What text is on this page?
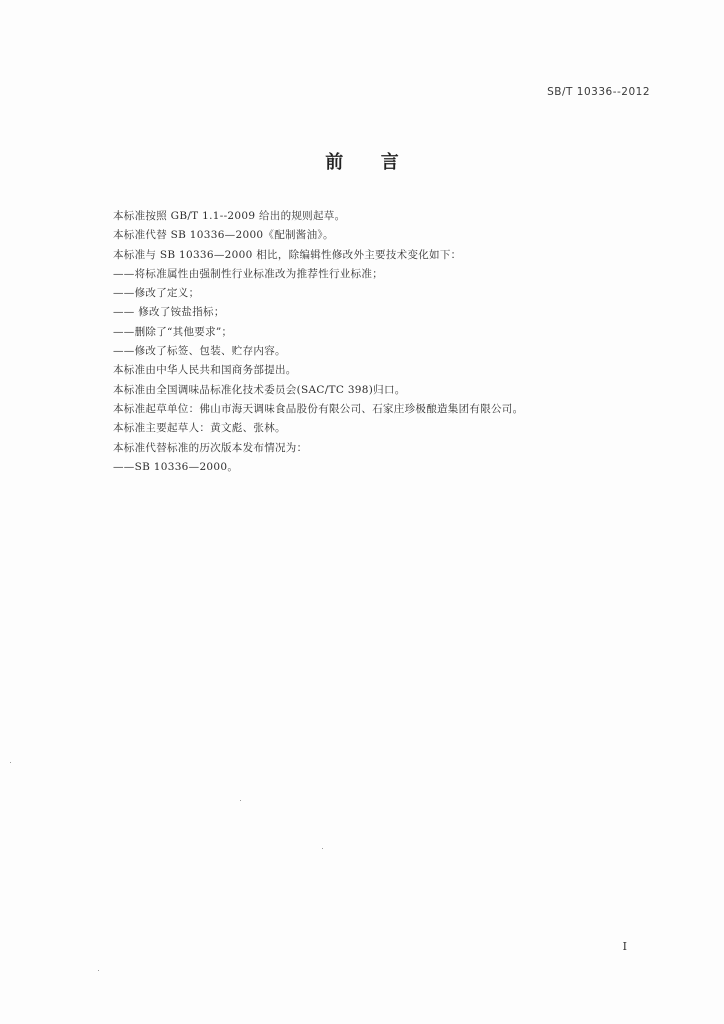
SB/T 10336--2012
前      言
本标准按照 GB/T 1.1--2009 给出的规则起草。
本标准代替 SB 10336—2000《配制酱油》。
本标准与 SB 10336—2000 相比，除编辑性修改外主要技术变化如下：
——将标准属性由强制性行业标准改为推荐性行业标准；
——修改了定义；
—— 修改了铵盐指标；
——删除了“其他要求”；
——修改了标签、包装、贮存内容。
本标准由中华人民共和国商务部提出。
本标准由全国调味品标准化技术委员会(SAC/TC 398)归口。
本标准起草单位：佛山市海天调味食品股份有限公司、石家庄珍极酿造集团有限公司。
本标准主要起草人：黄文彪、张林。
本标准代替标准的历次版本发布情况为：
——SB 10336—2000。
I
